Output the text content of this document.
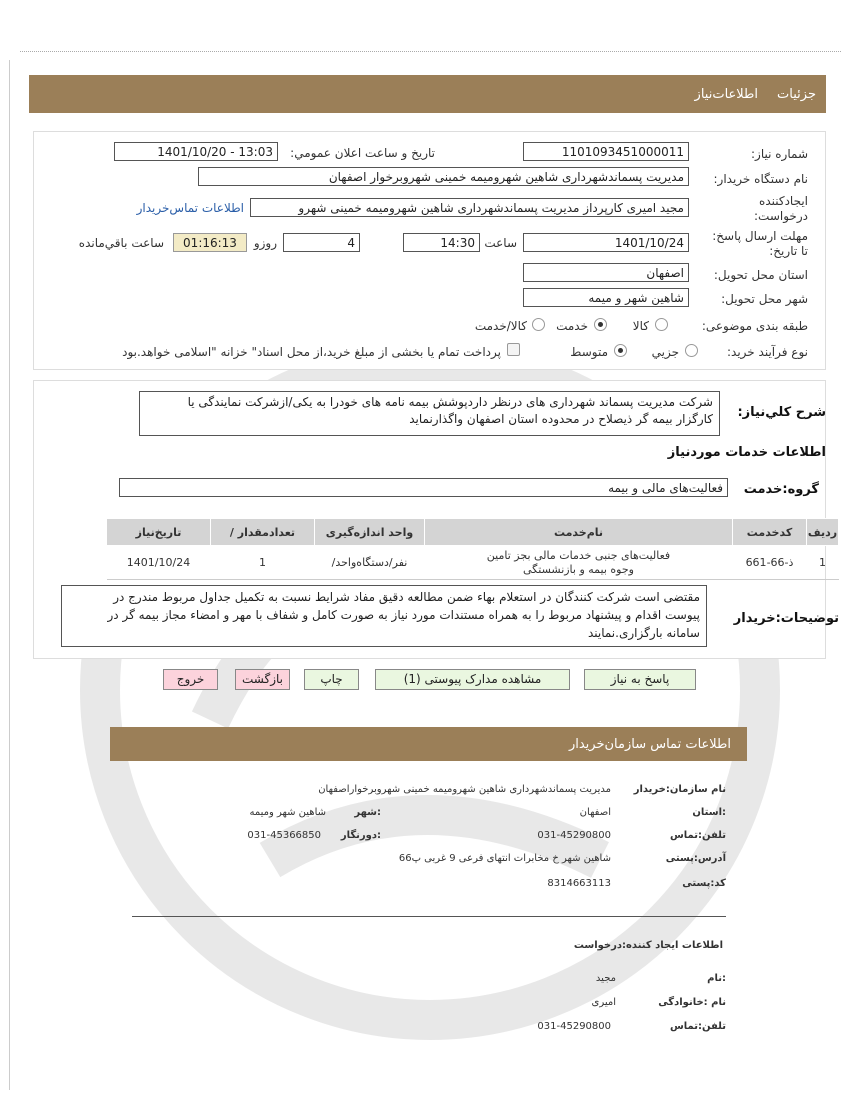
جزئیات
اطلاعات‌نیاز
شماره نیاز:
1101093451000011
تاریخ و ساعت اعلان عمومي:
1401/10/20 - 13:03
نام دستگاه خریدار:
مدیریت پسماندشهرداری شاهین شهرومیمه خمینی شهروبرخوار اصفهان
ایجادکننده درخواست:
مجید امیری کارپرداز مدیریت پسماندشهرداری شاهین شهرومیمه خمینی شهرو
اطلاعات تماس‌خریدار
مهلت ارسال پاسخ: تا تاریخ:
1401/10/24
ساعت
14:30
4
روزو
01:16:13
ساعت باقي‌مانده
استان محل تحویل:
اصفهان
شهر محل تحویل:
شاهین شهر و میمه
طبقه بندی موضوعی:
کالا
خدمت
کالا/خدمت
نوع فرآیند خرید:
جزیي
متوسط
پرداخت تمام یا بخشی از مبلغ خرید،از محل اسناد" خزانه "اسلامی خواهد.بود
شرح کلي‌نیاز:
شرکت مدیریت پسماند شهرداری های درنظر داردپوشش بیمه نامه های خودرا به یکی/ازشرکت نمایندگی یا
کارگزار بیمه گر ذیصلاح در محدوده استان اصفهان واگذارنماید
اطلاعات خدمات موردنیاز
گروه:خدمت
فعالیت‌های مالی و بیمه
ردیف	کدخدمت	نام‌خدمت	واحد اندازه‌گیری	تعدادمقدار /	تاریخ‌نیاز	
1	ذ-66-661	فعالیت‌های جنبی خدمات مالی بجز تامین وجوه بیمه و بازنشستگی	نفر/دستگاه‌واحد/	1	1401/10/24	
توضیحات:خریدار
مقتضی است شرکت کنندگان در استعلام بهاء ضمن مطالعه دقیق مفاد شرایط نسبت به تکمیل جداول مربوط مندرج در
پیوست اقدام و پیشنهاد مربوط را به همراه مستندات مورد نیاز به صورت کامل و شفاف با مهر و امضاء مجاز بیمه گر در
سامانه بارگزاری.نمایند
پاسخ به نیاز
مشاهده مدارک پیوستی (1)
چاپ
بازگشت
خروج
اطلاعات تماس سازمان‌خریدار
نام سازمان:خریدار
مدیریت پسماندشهرداری شاهین شهرومیمه خمینی شهروبرخوارا‌صفهان
:استان
اصفهان
:شهر
شاهین شهر ومیمه
تلفن:تماس
031-45290800
:دورنگار
031-45366850
آدرس:پستی
شاهین شهر خ مخابرات انتهای فرعی 9 غربی پ66
کد:پستی
8314663113
اطلاعات ایجاد کننده:درخواست
:نام
مجید
نام :خانوادگی
امیری
تلفن:تماس
031-45290800
